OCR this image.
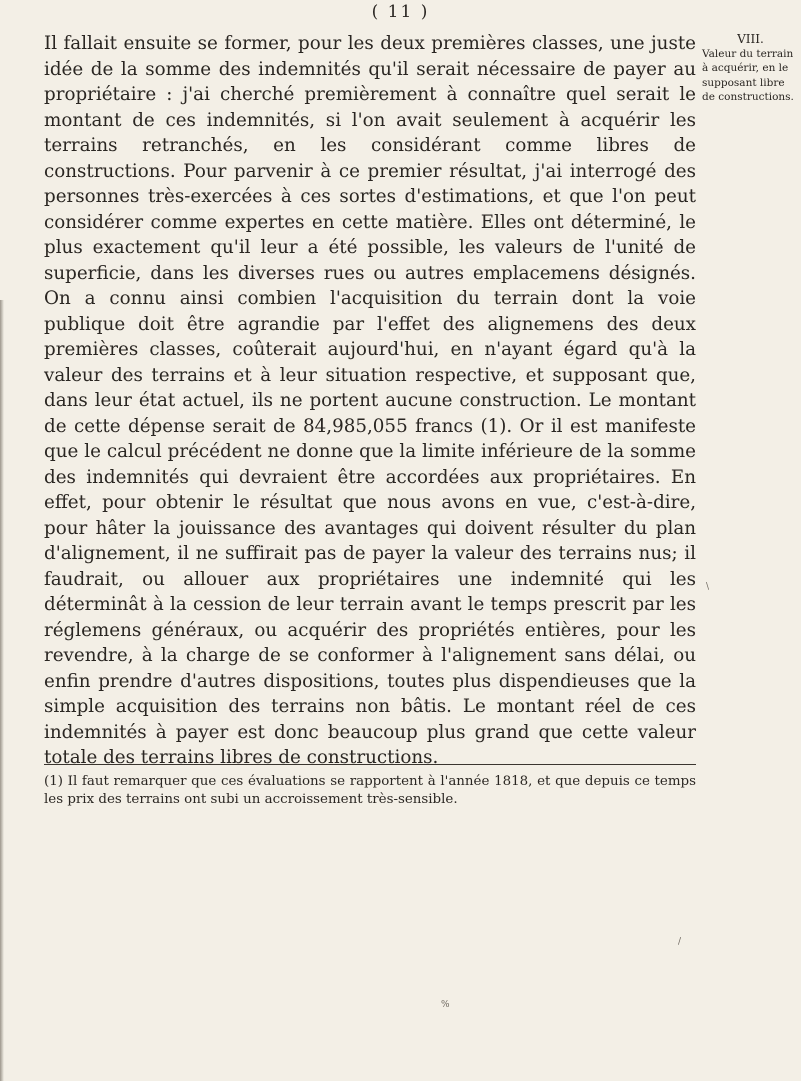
( 11 )

Il fallait ensuite se former, pour les deux premières classes, une juste idée de la somme des indemnités qu'il serait nécessaire de payer au propriétaire : j'ai cherché premièrement à connaître quel serait le montant de ces indemnités, si l'on avait seulement à acquérir les terrains retranchés, en les considérant comme libres de constructions. Pour parvenir à ce premier résultat, j'ai interrogé des personnes très-exercées à ces sortes d'estimations, et que l'on peut considérer comme expertes en cette matière. Elles ont déterminé, le plus exactement qu'il leur a été possible, les valeurs de l'unité de superficie, dans les diverses rues ou autres emplacemens désignés. On a connu ainsi combien l'acquisition du terrain dont la voie publique doit être agrandie par l'effet des alignemens des deux premières classes, coûterait aujourd'hui, en n'ayant égard qu'à la valeur des terrains et à leur situation respective, et supposant que, dans leur état actuel, ils ne portent aucune construction. Le montant de cette dépense serait de 84,985,055 francs (1). Or il est manifeste que le calcul précédent ne donne que la limite inférieure de la somme des indemnités qui devraient être accordées aux propriétaires. En effet, pour obtenir le résultat que nous avons en vue, c'est-à-dire, pour hâter la jouissance des avantages qui doivent résulter du plan d'alignement, il ne suffirait pas de payer la valeur des terrains nus; il faudrait, ou allouer aux propriétaires une indemnité qui les déterminât à la cession de leur terrain avant le temps prescrit par les réglemens généraux, ou acquérir des propriétés entières, pour les revendre, à la charge de se conformer à l'alignement sans délai, ou enfin prendre d'autres dispositions, toutes plus dispendieuses que la simple acquisition des terrains non bâtis. Le montant réel de ces indemnités à payer est donc beaucoup plus grand que cette valeur totale des terrains libres de constructions.

VIII.
Valeur du terrain à acquérir, en le supposant libre de constructions.

(1) Il faut remarquer que ces évaluations se rapportent à l'année 1818, et que depuis ce temps les prix des terrains ont subi un accroissement très-sensible.

\
%
/
